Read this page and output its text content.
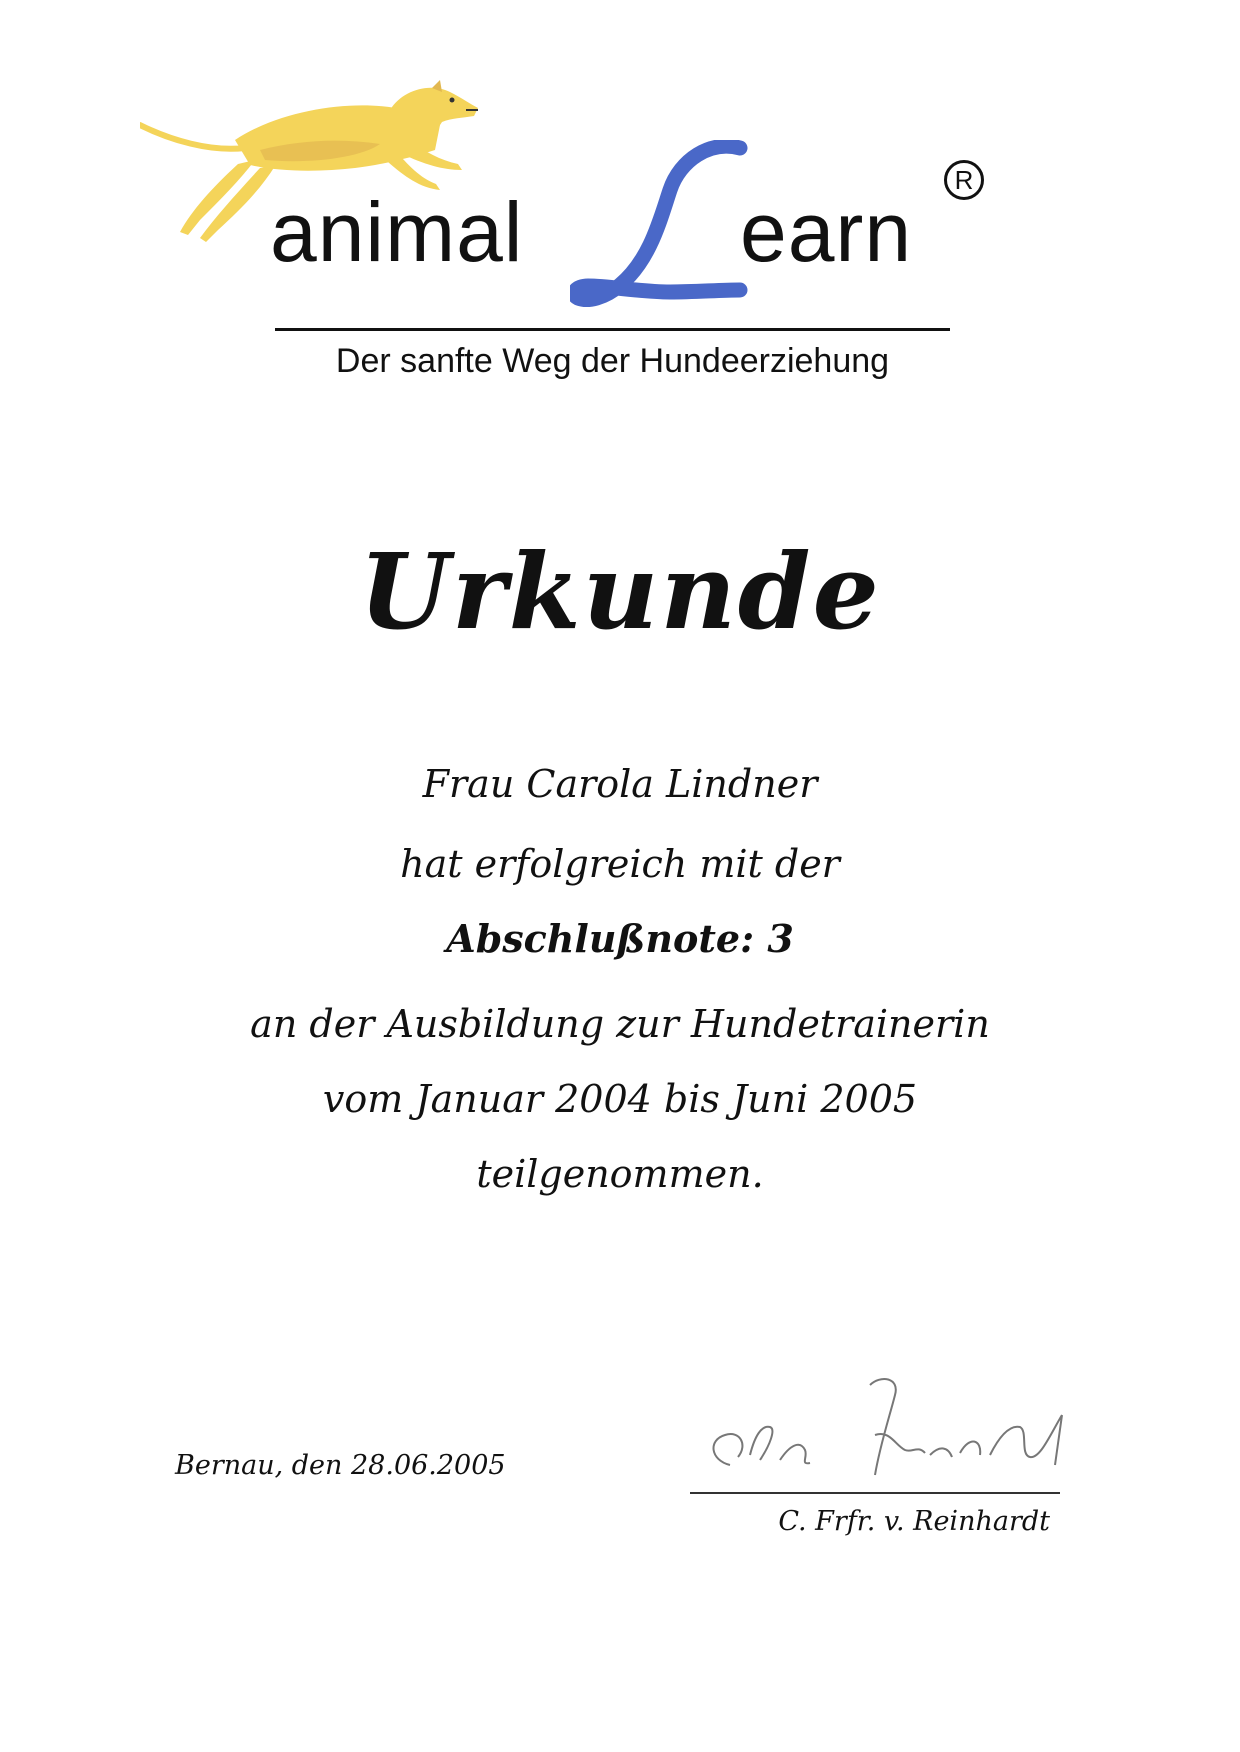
animal
L
earn
R
Der sanfte Weg der Hundeerziehung
Urkunde
Frau Carola Lindner
hat erfolgreich mit der
Abschlußnote: 3
an der Ausbildung zur Hundetrainerin
vom Januar 2004 bis Juni 2005
teilgenommen.
Bernau, den 28.06.2005
C. Frfr. v. Reinhardt
